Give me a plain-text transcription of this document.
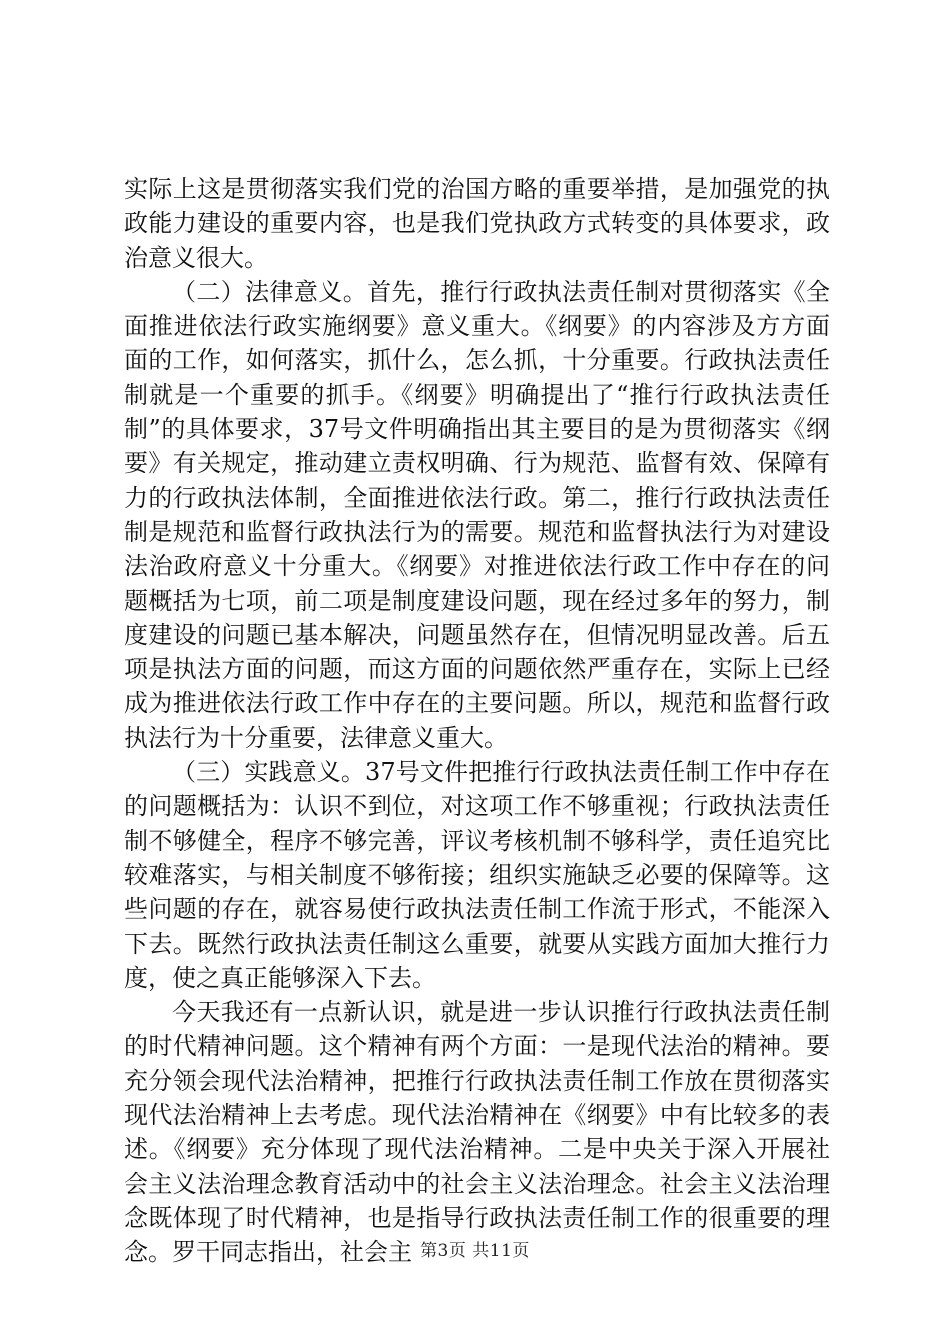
实际上这是贯彻落实我们党的治国方略的重要举措，是加强党的执政能力建设的重要内容，也是我们党执政方式转变的具体要求，政治意义很大。

（二）法律意义。首先，推行行政执法责任制对贯彻落实《全面推进依法行政实施纲要》意义重大。《纲要》的内容涉及方方面面的工作，如何落实，抓什么，怎么抓，十分重要。行政执法责任制就是一个重要的抓手。《纲要》明确提出了“推行行政执法责任制”的具体要求，37号文件明确指出其主要目的是为贯彻落实《纲要》有关规定，推动建立责权明确、行为规范、监督有效、保障有力的行政执法体制，全面推进依法行政。第二，推行行政执法责任制是规范和监督行政执法行为的需要。规范和监督执法行为对建设法治政府意义十分重大。《纲要》对推进依法行政工作中存在的问题概括为七项，前二项是制度建设问题，现在经过多年的努力，制度建设的问题已基本解决，问题虽然存在，但情况明显改善。后五项是执法方面的问题，而这方面的问题依然严重存在，实际上已经成为推进依法行政工作中存在的主要问题。所以，规范和监督行政执法行为十分重要，法律意义重大。

（三）实践意义。37号文件把推行行政执法责任制工作中存在的问题概括为：认识不到位，对这项工作不够重视；行政执法责任制不够健全，程序不够完善，评议考核机制不够科学，责任追究比较难落实，与相关制度不够衔接；组织实施缺乏必要的保障等。这些问题的存在，就容易使行政执法责任制工作流于形式，不能深入下去。既然行政执法责任制这么重要，就要从实践方面加大推行力度，使之真正能够深入下去。

今天我还有一点新认识，就是进一步认识推行行政执法责任制的时代精神问题。这个精神有两个方面：一是现代法治的精神。要充分领会现代法治精神，把推行行政执法责任制工作放在贯彻落实现代法治精神上去考虑。现代法治精神在《纲要》中有比较多的表述。《纲要》充分体现了现代法治精神。二是中央关于深入开展社会主义法治理念教育活动中的社会主义法治理念。社会主义法治理念既体现了时代精神，也是指导行政执法责任制工作的很重要的理念。罗干同志指出，社会主 第3页 共11页
